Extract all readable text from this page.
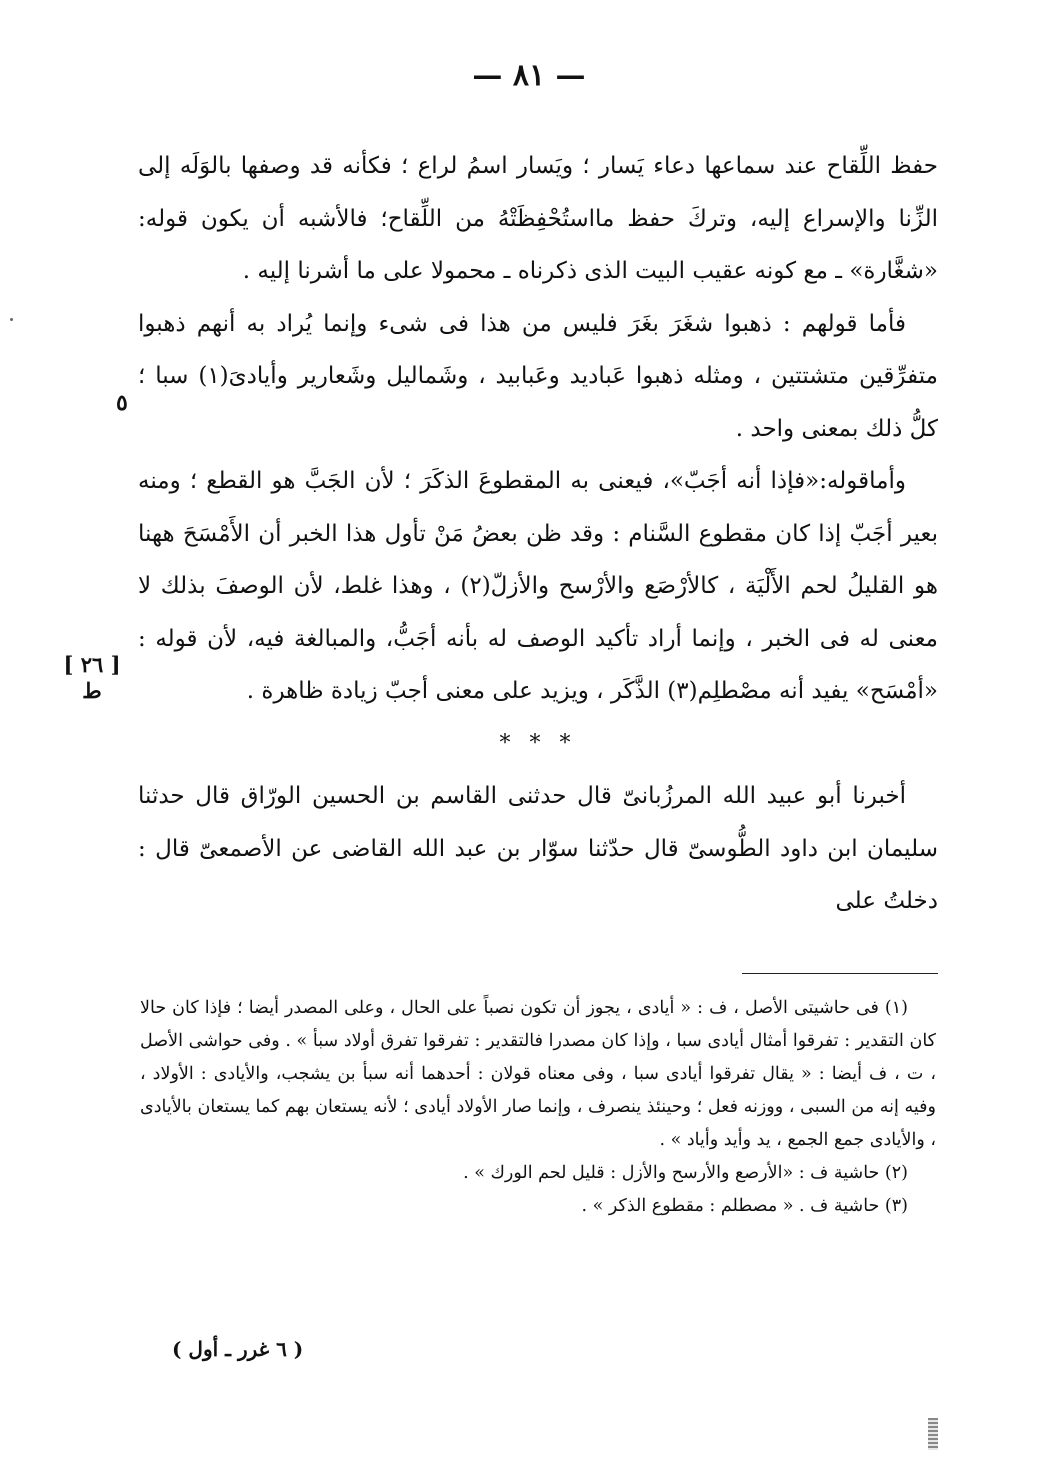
— ٨١ —

حفظ اللِّقاح عند سماعها دعاء يَسار ؛ ويَسار اسمُ لراع ؛ فكأنه قد وصفها بالوَلَه إلى الزِّنا والإسراع إليه، وتركَ حفظ مااستُحْفِظَتْهُ من اللِّقاح؛ فالأشبه أن يكون قوله: «شغَّارة» ـ مع كونه عقيب البيت الذى ذكرناه ـ محمولا على ما أشرنا إليه .

فأما قولهم : ذهبوا شغَرَ بغَرَ فليس من هذا فى شىء وإنما يُراد به أنهم ذهبوا متفرِّقين متشتتين ، ومثله ذهبوا عَباديد وعَبابيد ، وشَماليل وشَعارير وأيادىَ(١) سبا ؛ كلُّ ذلك بمعنى واحد .

وأماقوله:«فإذا أنه أجَبّ»، فيعنى به المقطوعَ الذكَرَ ؛ لأن الجَبَّ هو القطع ؛ ومنه بعير أجَبّ إذا كان مقطوع السَّنام : وقد ظن بعضُ مَنْ تأول هذا الخبر أن الأَمْسَحَ ههنا هو القليلُ لحم الأَلْيَة ، كالأرْصَع والأرْسح والأزلّ(٢) ، وهذا غلط، لأن الوصفَ بذلك لا معنى له فى الخبر ، وإنما أراد تأكيد الوصف له بأنه أجَبُّ، والمبالغة فيه، لأن قوله : «أمْسَح» يفيد أنه مصْطلِم(٣) الذَّكَر ، ويزيد على معنى أجبّ زيادة ظاهرة .

* * *

أخبرنا أبو عبيد الله المرزُبانىّ قال حدثنى القاسم بن الحسين الورّاق قال حدثنا سليمان ابن داود الطُّوسىّ قال حدّثنا سوّار بن عبد الله القاضى عن الأصمعىّ قال : دخلتُ على

٥
[ ٢٦ ]
ط

(١) فى حاشيتى الأصل ، ف : « أيادى ، يجوز أن تكون نصباً على الحال ، وعلى المصدر أيضا ؛ فإذا كان حالا كان التقدير : تفرقوا أمثال أيادى سبا ، وإذا كان مصدرا فالتقدير : تفرقوا تفرق أولاد سبأ » . وفى حواشى الأصل ، ت ، ف أيضا : « يقال تفرقوا أيادى سبا ، وفى معناه قولان : أحدهما أنه سبأ بن يشجب، والأيادى : الأولاد ، وفيه إنه من السبى ، ووزنه فعل ؛ وحينئذ ينصرف ، وإنما صار الأولاد أيادى ؛ لأنه يستعان بهم كما يستعان بالأيادى ، والأيادى جمع الجمع ، يد وأيد وأياد » .

(٢) حاشية ف : «الأرصع والأرسح والأزل : قليل لحم الورك » .

(٣) حاشية ف . « مصطلم : مقطوع الذكر » .

( ٦ غرر ـ أول )
